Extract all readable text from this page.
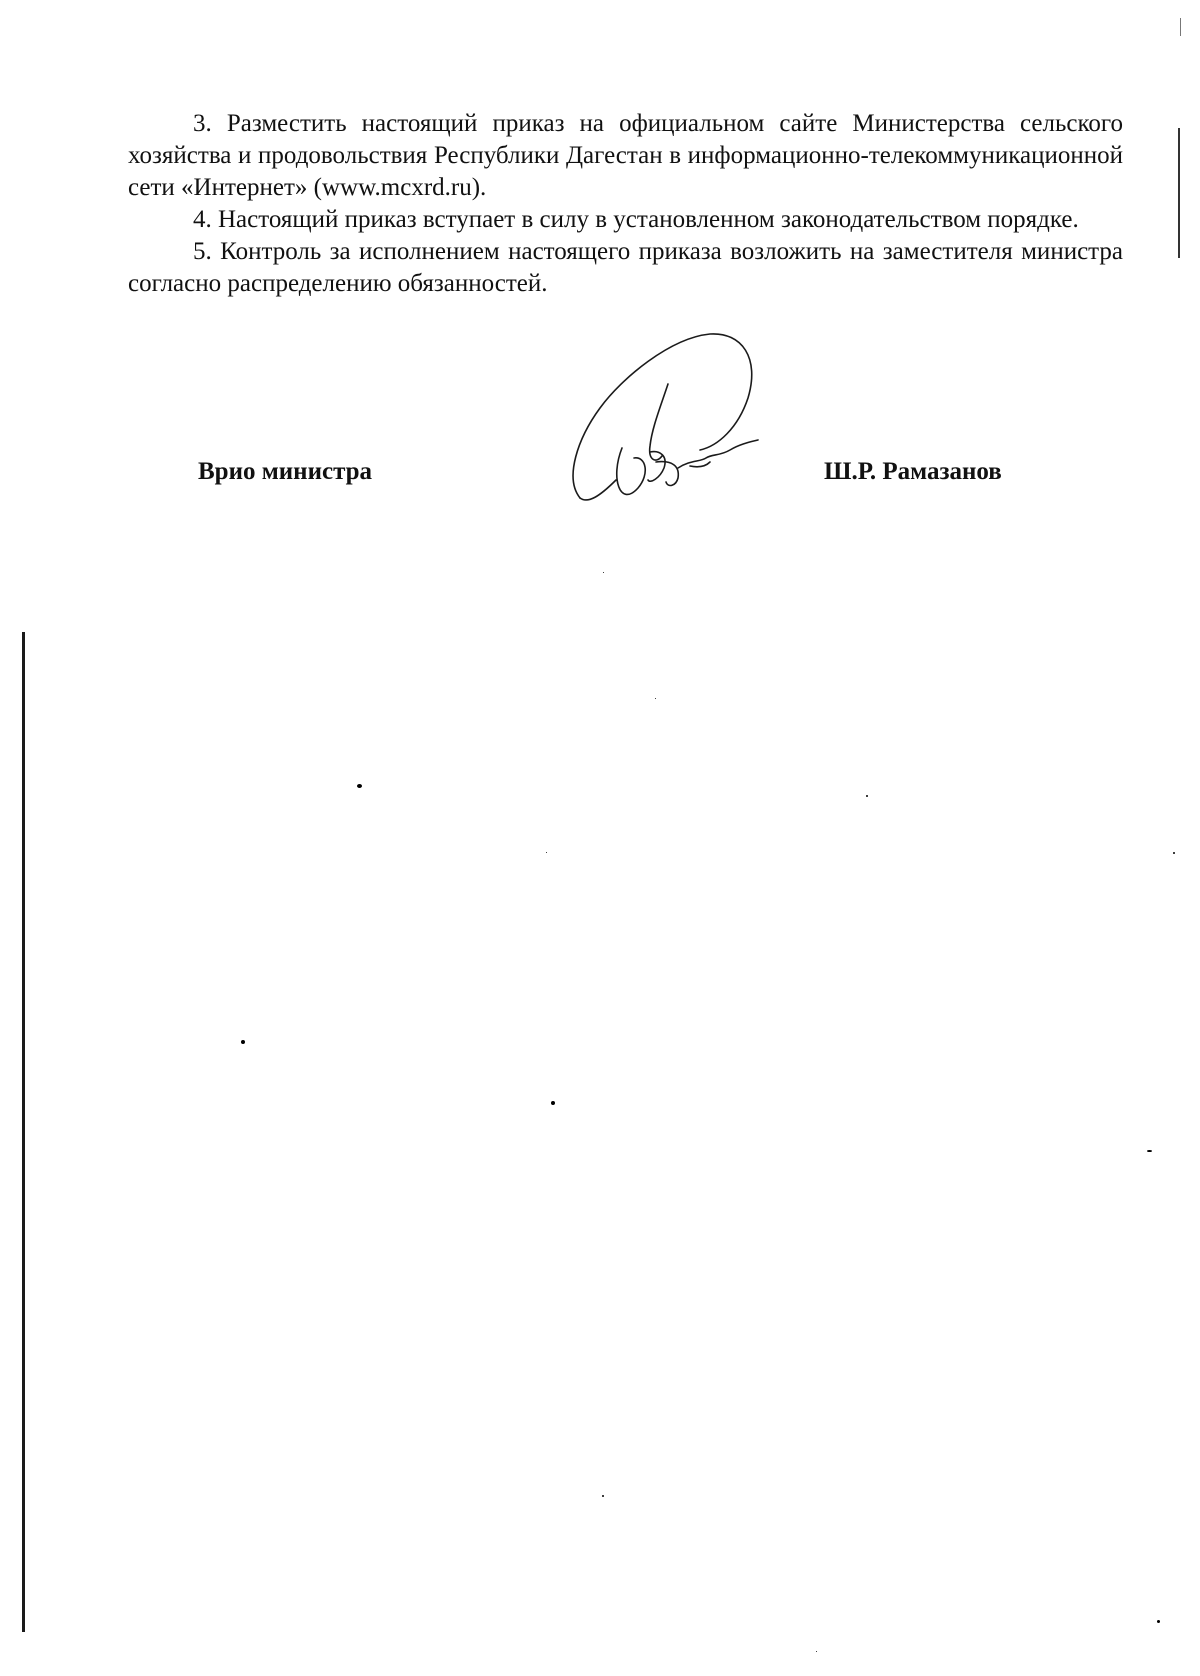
3. Разместить настоящий приказ на официальном сайте Министерства сельского хозяйства и продовольствия Республики Дагестан в информационно-телекоммуникационной сети «Интернет» (www.mcxrd.ru).

4. Настоящий приказ вступает в силу в установленном законодательством порядке.

5. Контроль за исполнением настоящего приказа возложить на заместителя министра согласно распределению обязанностей.

Врио министра	Ш.Р. Рамазанов
